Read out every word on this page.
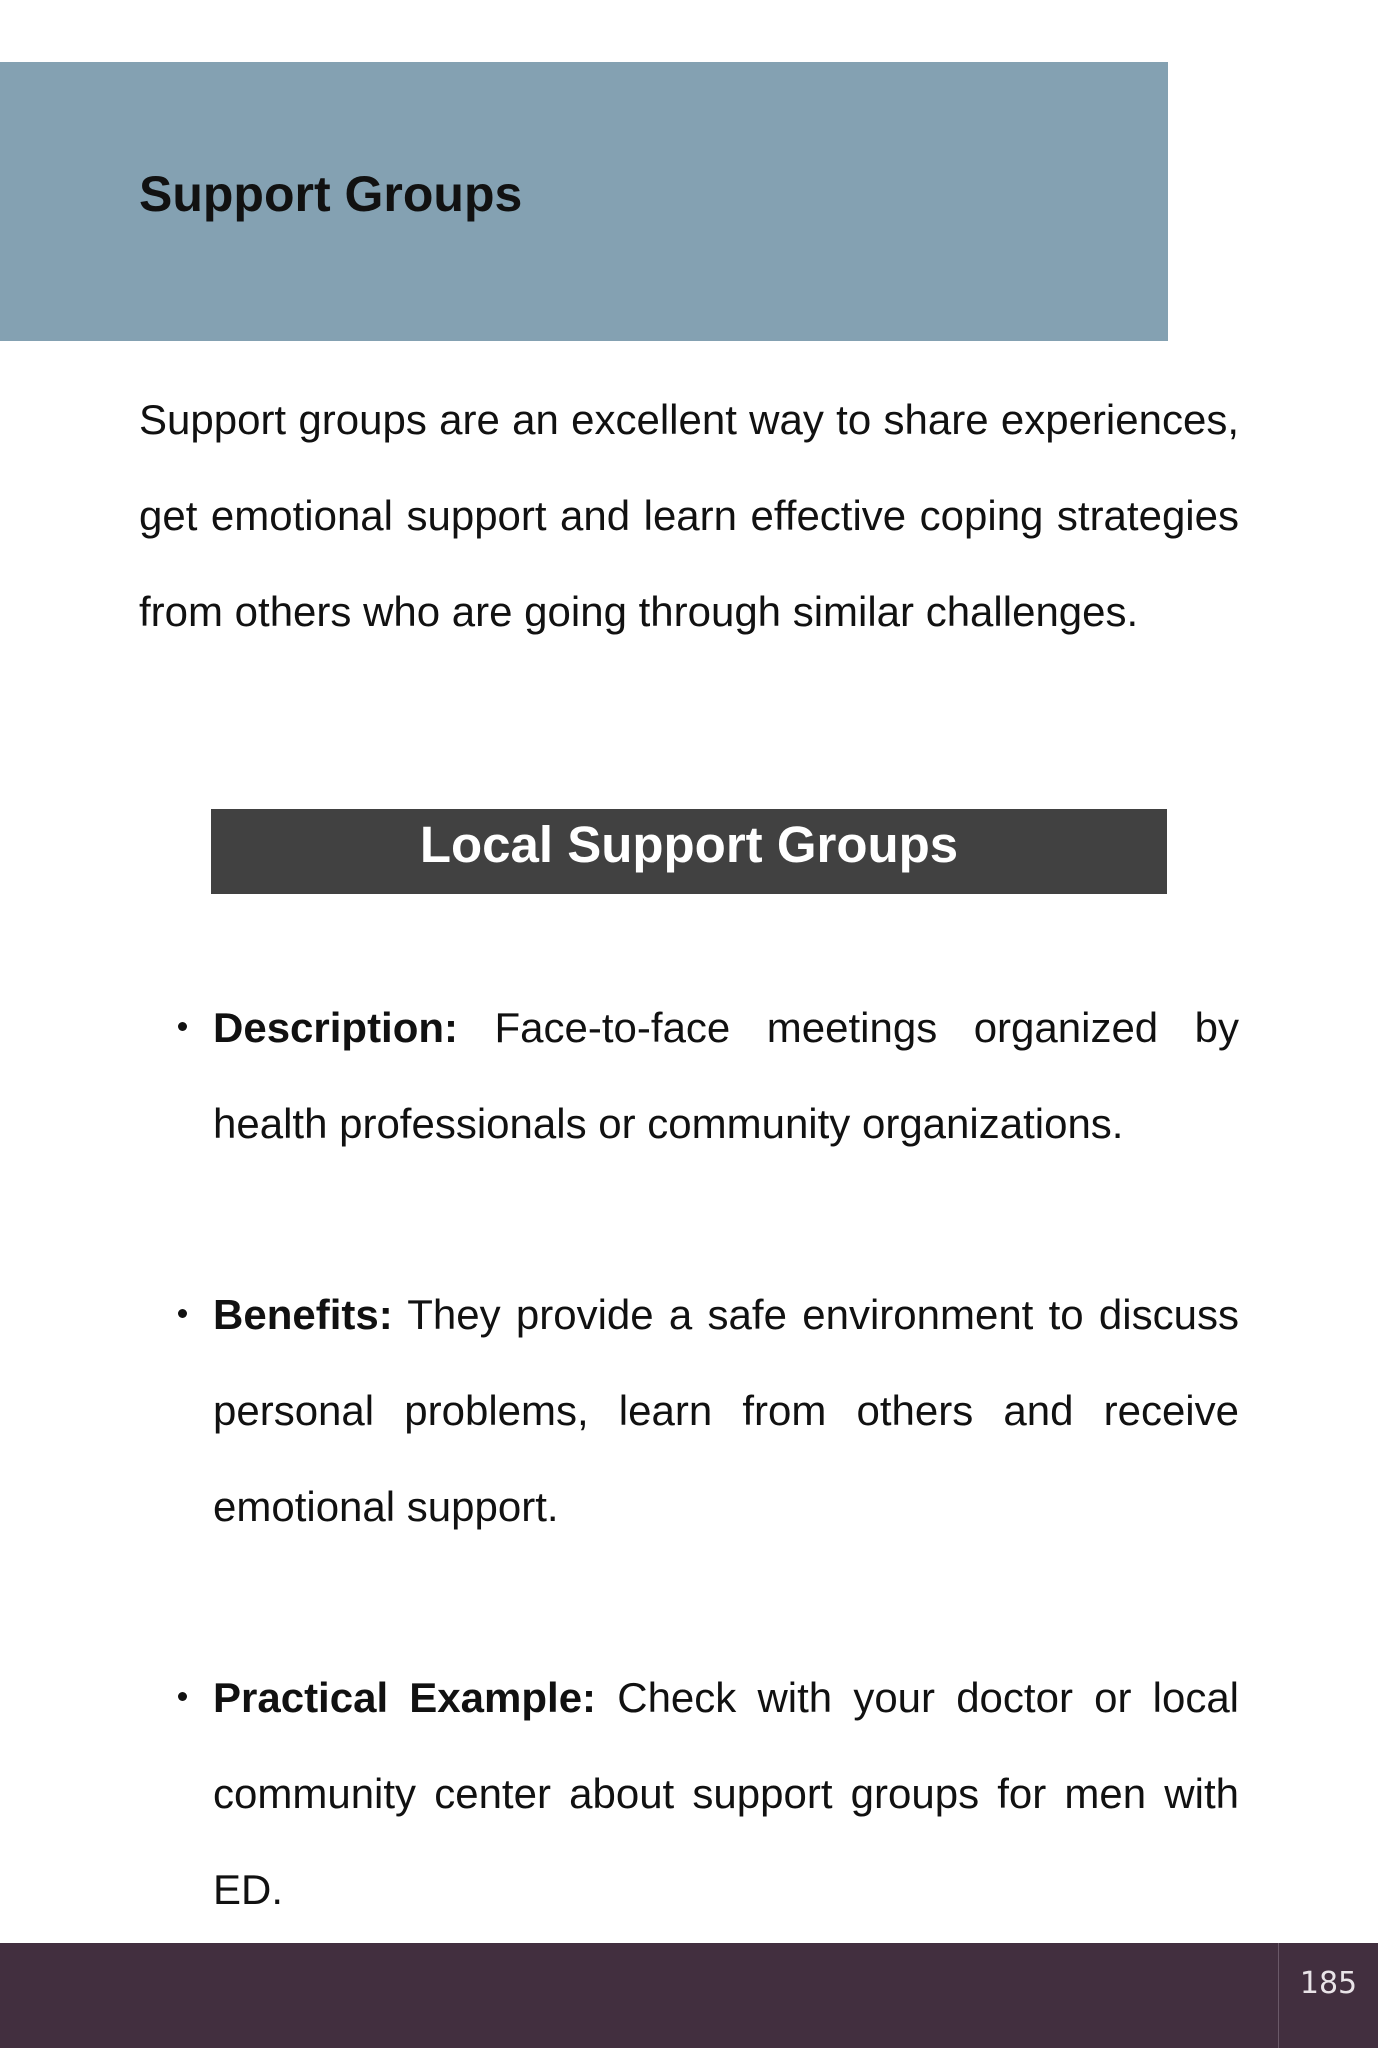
Support Groups

Support groups are an excellent way to share experiences, get emotional support and learn effective coping strategies from others who are going through similar challenges.

Local Support Groups

Description: Face-to-face meetings organized by health professionals or community organizations.

Benefits: They provide a safe environment to discuss personal problems, learn from others and receive emotional support.

Practical Example: Check with your doctor or local community center about support groups for men with ED.

185
